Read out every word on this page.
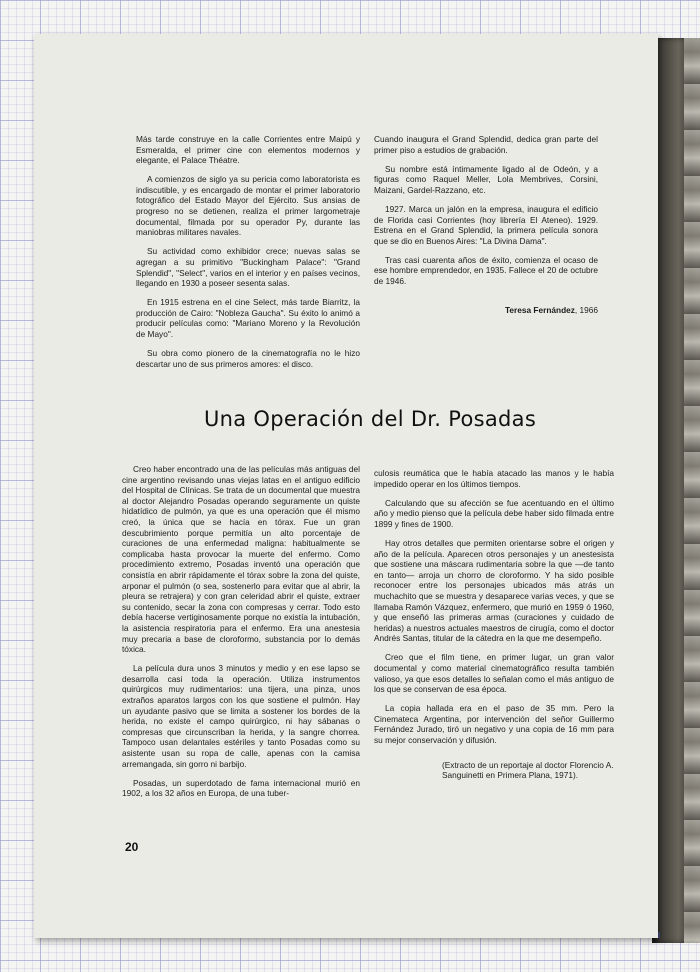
Más tarde construye en la calle Corrientes entre Maipú y Esmeralda, el primer cine con elementos modernos y elegante, el Palace Théatre.

A comienzos de siglo ya su pericia como laboratorista es indiscutible, y es encargado de montar el primer laboratorio fotográfico del Estado Mayor del Ejército. Sus ansias de progreso no se detienen, realiza el primer largometraje documental, filmada por su operador Py, durante las maniobras militares navales.

Su actividad como exhibidor crece; nuevas salas se agregan a su primitivo "Buckingham Palace": "Grand Splendid", "Select", varios en el interior y en países vecinos, llegando en 1930 a poseer sesenta salas.

En 1915 estrena en el cine Select, más tarde Biarritz, la producción de Cairo: "Nobleza Gaucha". Su éxito lo animó a producir películas como: "Mariano Moreno y la Revolución de Mayo".

Su obra como pionero de la cinematografía no le hizo descartar uno de sus primeros amores: el disco.

Cuando inaugura el Grand Splendid, dedica gran parte del primer piso a estudios de grabación.

Su nombre está íntimamente ligado al de Odeón, y a figuras como Raquel Meller, Lola Membrives, Corsini, Maizani, Gardel-Razzano, etc.

1927. Marca un jalón en la empresa, inaugura el edificio de Florida casi Corrientes (hoy librería El Ateneo). 1929. Estrena en el Grand Splendid, la primera película sonora que se dio en Buenos Aires: "La Divina Dama".

Tras casi cuarenta años de éxito, comienza el ocaso de ese hombre emprendedor, en 1935. Fallece el 20 de octubre de 1946.

Teresa Fernández, 1966

Una Operación del Dr. Posadas

Creo haber encontrado una de las películas más antiguas del cine argentino revisando unas viejas latas en el antiguo edificio del Hospital de Clínicas. Se trata de un documental que muestra al doctor Alejandro Posadas operando seguramente un quiste hidatídico de pulmón, ya que es una operación que él mismo creó, la única que se hacía en tórax. Fue un gran descubrimiento porque permitía un alto porcentaje de curaciones de una enfermedad maligna: habitualmente se complicaba hasta provocar la muerte del enfermo. Como procedimiento extremo, Posadas inventó una operación que consistía en abrir rápidamente el tórax sobre la zona del quiste, arponar el pulmón (o sea, sostenerlo para evitar que al abrir, la pleura se retrajera) y con gran celeridad abrir el quiste, extraer su contenido, secar la zona con compresas y cerrar. Todo esto debía hacerse vertiginosamente porque no existía la intubación, la asistencia respiratoria para el enfermo. Era una anestesia muy precaria a base de cloroformo, substancia por lo demás tóxica.

La película dura unos 3 minutos y medio y en ese lapso se desarrolla casi toda la operación. Utiliza instrumentos quirúrgicos muy rudimentarios: una tijera, una pinza, unos extraños aparatos largos con los que sostiene el pulmón. Hay un ayudante pasivo que se limita a sostener los bordes de la herida, no existe el campo quirúrgico, ni hay sábanas o compresas que circunscriban la herida, y la sangre chorrea. Tampoco usan delantales estériles y tanto Posadas como su asistente usan su ropa de calle, apenas con la camisa arremangada, sin gorro ni barbijo.

Posadas, un superdotado de fama internacional murió en 1902, a los 32 años en Europa, de una tuber-

culosis reumática que le había atacado las manos y le había impedido operar en los últimos tiempos.

Calculando que su afección se fue acentuando en el último año y medio pienso que la película debe haber sido filmada entre 1899 y fines de 1900.

Hay otros detalles que permiten orientarse sobre el origen y año de la película. Aparecen otros personajes y un anestesista que sostiene una máscara rudimentaria sobre la que —de tanto en tanto— arroja un chorro de cloroformo. Y ha sido posible reconocer entre los personajes ubicados más atrás un muchachito que se muestra y desaparece varias veces, y que se llamaba Ramón Vázquez, enfermero, que murió en 1959 ó 1960, y que enseñó las primeras armas (curaciones y cuidado de heridas) a nuestros actuales maestros de cirugía, como el doctor Andrés Santas, titular de la cátedra en la que me desempeño.

Creo que el film tiene, en primer lugar, un gran valor documental y como material cinematográfico resulta también valioso, ya que esos detalles lo señalan como el más antiguo de los que se conservan de esa época.

La copia hallada era en el paso de 35 mm. Pero la Cinemateca Argentina, por intervención del señor Guillermo Fernández Jurado, tiró un negativo y una copia de 16 mm para su mejor conservación y difusión.

(Extracto de un reportaje al doctor Florencio A. Sanguinetti en Primera Plana, 1971).

20
